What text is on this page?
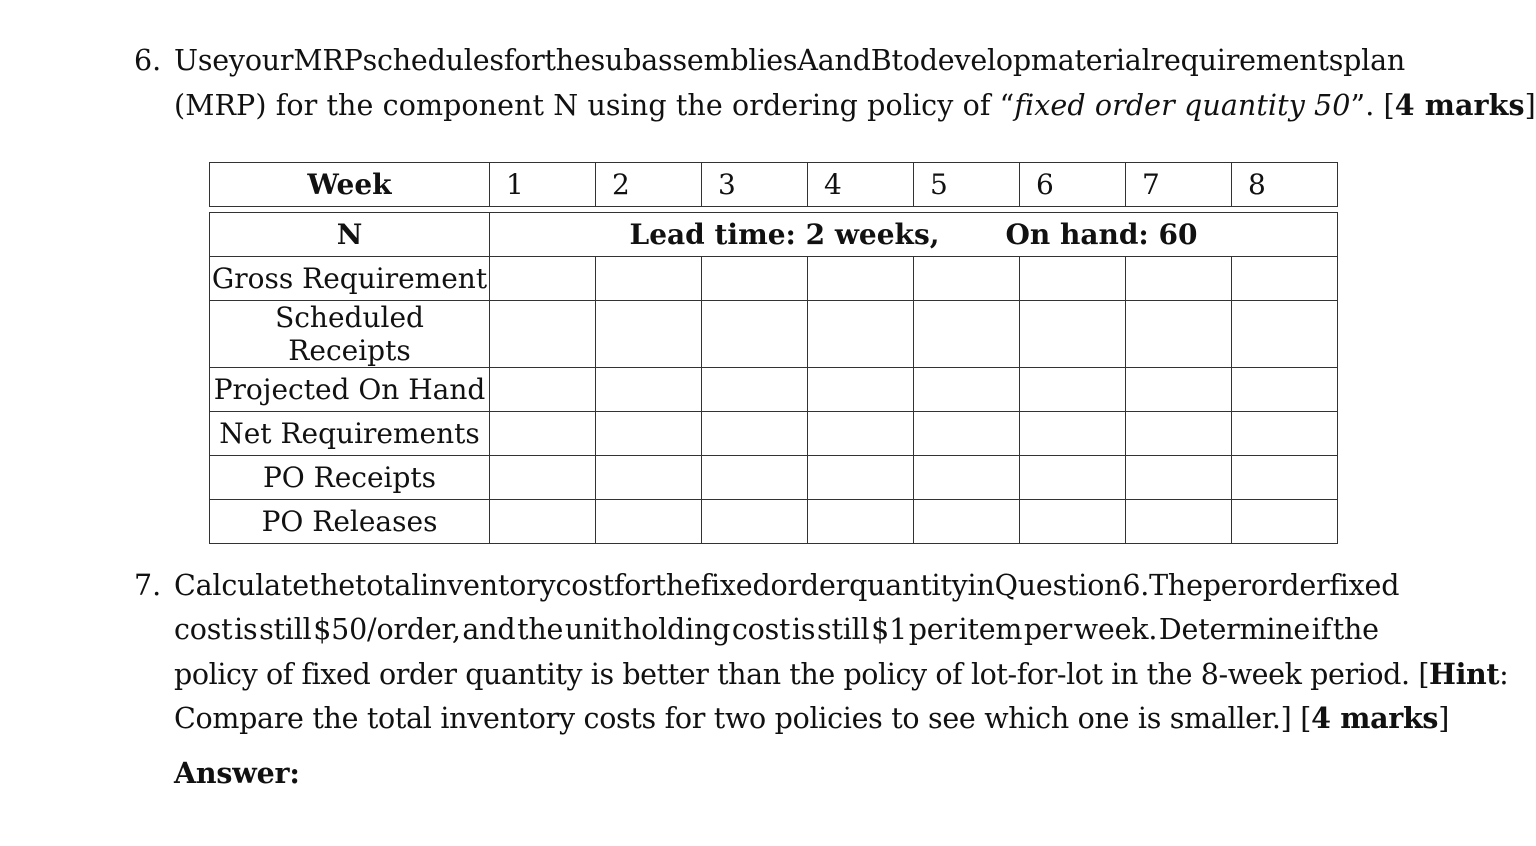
6. Use your MRP schedules for the subassemblies A and B to develop material requirements plan
(MRP) for the component N using the ordering policy of “fixed order quantity 50”. [4 marks]
Week	1	2	3	4	5	6	7	8

N	Lead time: 2 weeks, On hand: 60							
Gross Requirement								
Scheduled Receipts								
Projected On Hand								
Net Requirements								
PO Receipts								
PO Releases								
7. Calculate the total inventory cost for the fixed order quantity in Question 6. The per order fixed
cost is still $50/order, and the unit holding cost is still $1 per item per week. Determine if the
policy of fixed order quantity is better than the policy of lot-for-lot in the 8-week period. [Hint:
Compare the total inventory costs for two policies to see which one is smaller.] [4 marks]
Answer:
